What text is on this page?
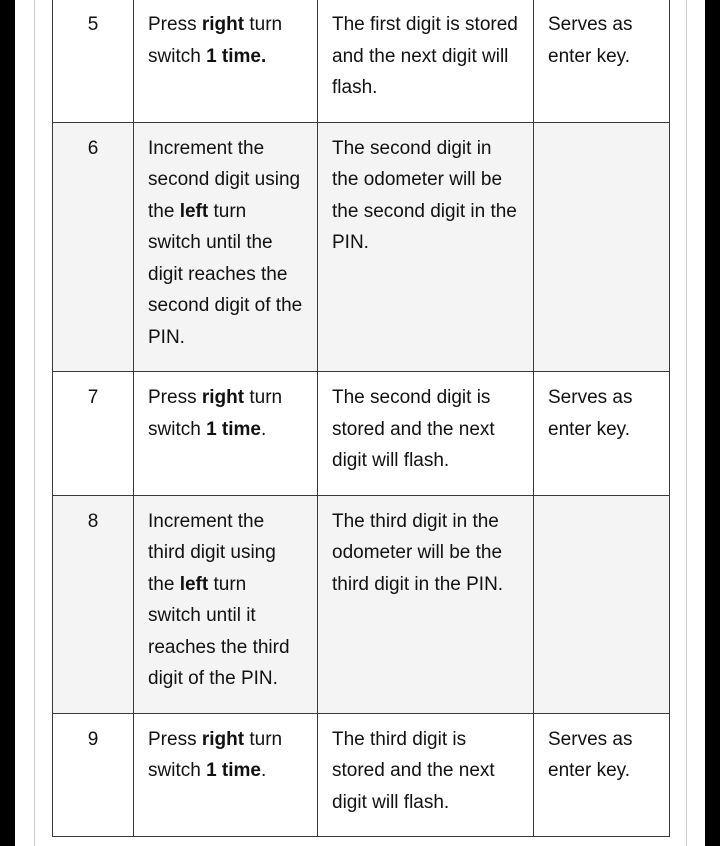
5	Press right turn switch 1 time.	The first digit is stored and the next digit will flash.	Serves as enter key.
6	Increment the second digit using the left turn switch until the digit reaches the second digit of the PIN.	The second digit in the odometer will be the second digit in the PIN.	
7	Press right turn switch 1 time.	The second digit is stored and the next digit will flash.	Serves as enter key.
8	Increment the third digit using the left turn switch until it reaches the third digit of the PIN.	The third digit in the odometer will be the third digit in the PIN.	
9	Press right turn switch 1 time.	The third digit is stored and the next digit will flash.	Serves as enter key.
